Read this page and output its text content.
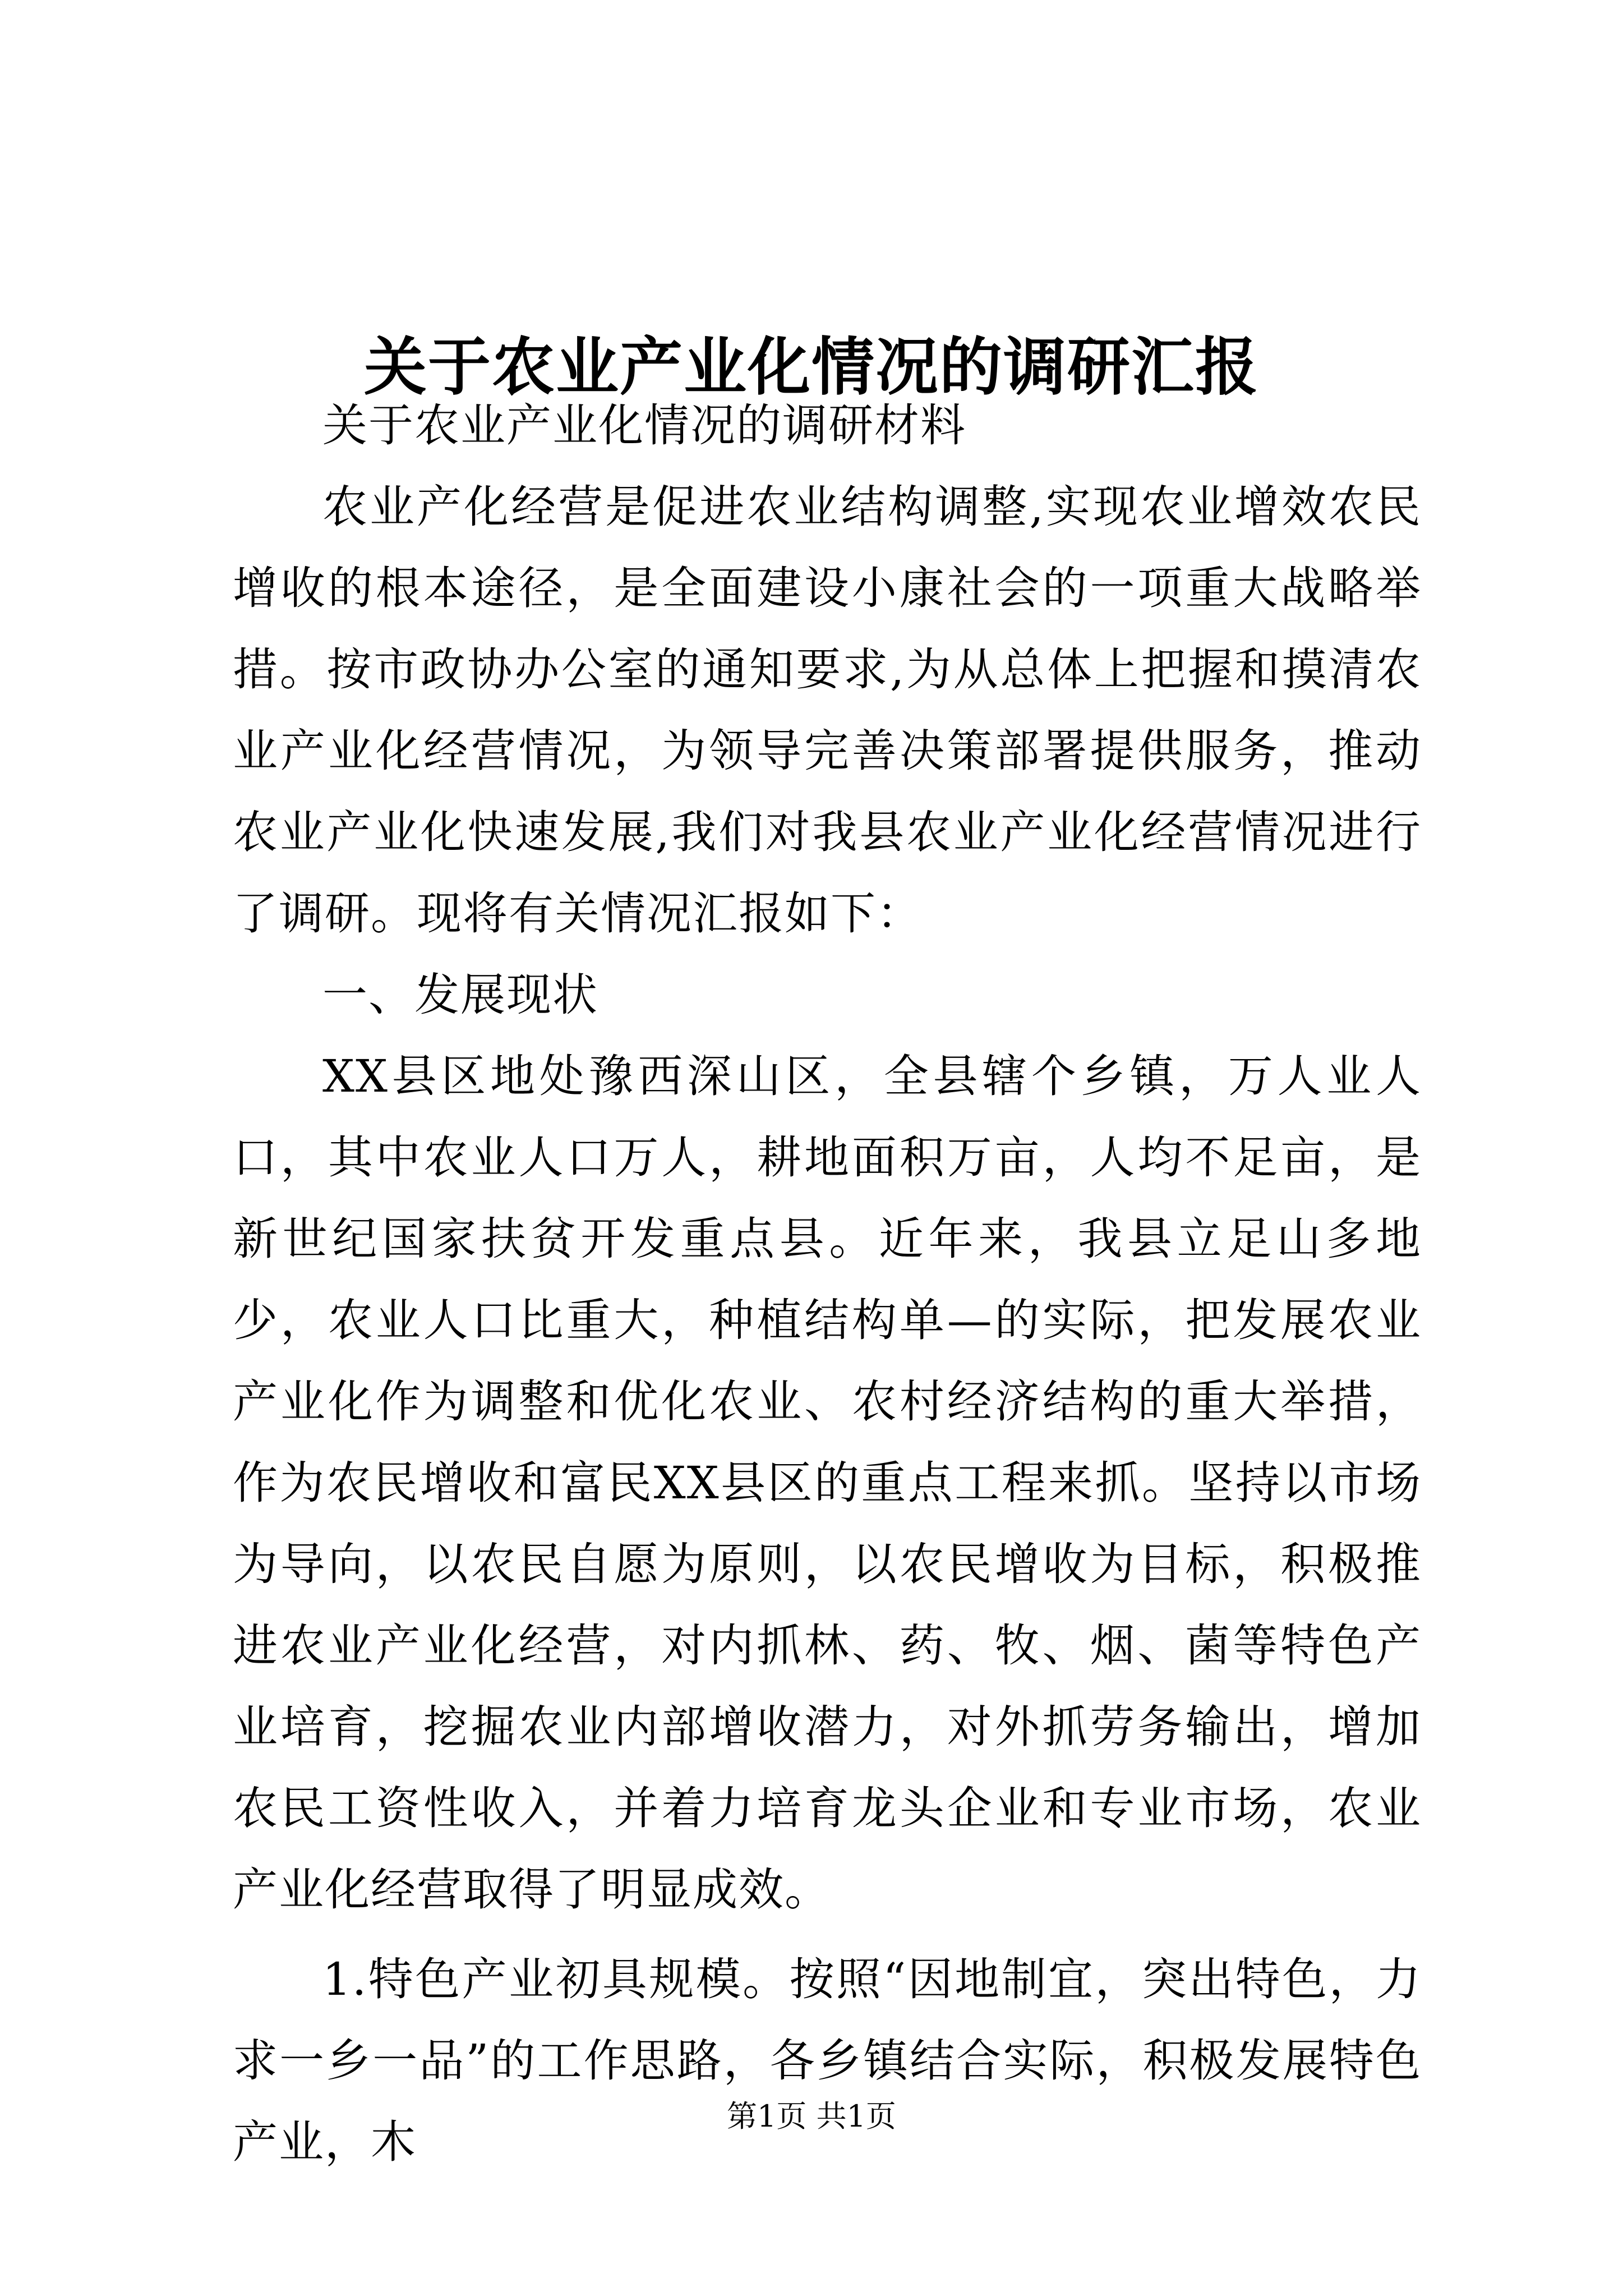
关于农业产业化情况的调研汇报

关于农业产业化情况的调研材料

农业产化经营是促进农业结构调整,实现农业增效农民增收的根本途径，是全面建设小康社会的一项重大战略举措。按市政协办公室的通知要求,为从总体上把握和摸清农业产业化经营情况，为领导完善决策部署提供服务，推动农业产业化快速发展,我们对我县农业产业化经营情况进行了调研。现将有关情况汇报如下：

一、发展现状

XX县区地处豫西深山区，全县辖个乡镇，万人业人口，其中农业人口万人，耕地面积万亩，人均不足亩，是新世纪国家扶贫开发重点县。近年来，我县立足山多地少，农业人口比重大，种植结构单—的实际，把发展农业产业化作为调整和优化农业、农村经济结构的重大举措，作为农民增收和富民XX县区的重点工程来抓。坚持以市场为导向，以农民自愿为原则，以农民增收为目标，积极推进农业产业化经营，对内抓林、药、牧、烟、菌等特色产业培育，挖掘农业内部增收潜力，对外抓劳务输出，增加农民工资性收入，并着力培育龙头企业和专业市场，农业产业化经营取得了明显成效。

1.特色产业初具规模。按照“因地制宜，突出特色，力求一乡一品”的工作思路，各乡镇结合实际，积极发展特色产业，木	第1页 共1页
